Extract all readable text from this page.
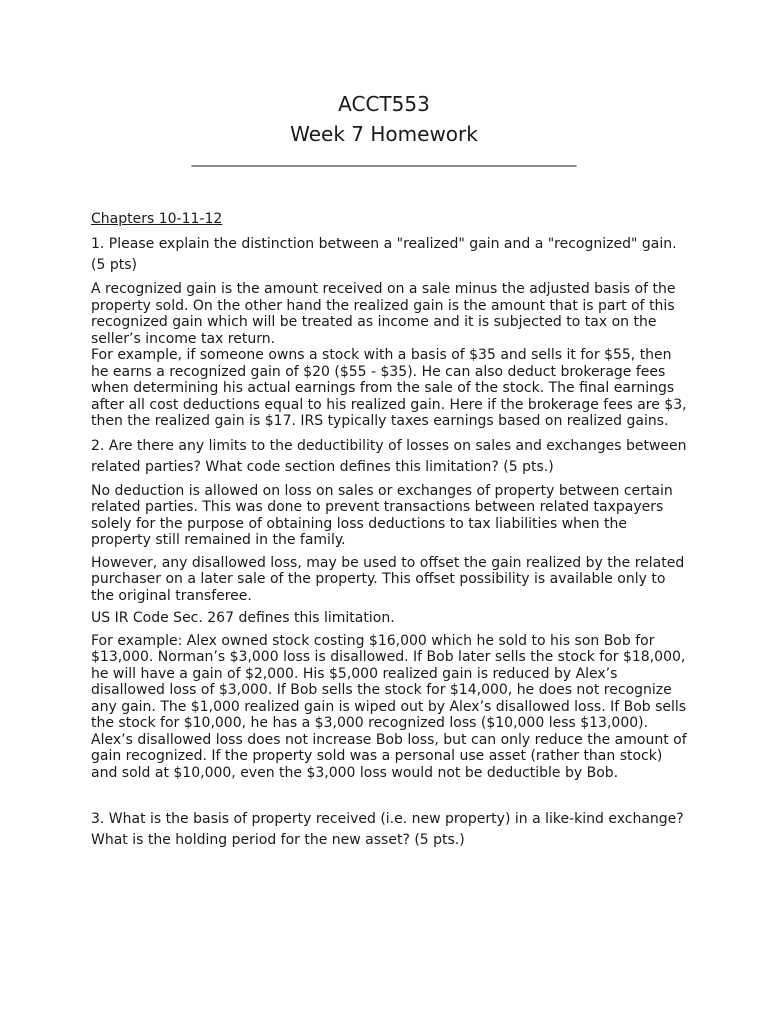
ACCT553
Week 7 Homework
_______________________________________________________
Chapters 10-11-12
1. Please explain the distinction between a "realized" gain and a "recognized" gain. (5 pts)
A recognized gain is the amount received on a sale minus the adjusted basis of the property sold. On the other hand the realized gain is the amount that is part of this recognized gain which will be treated as income and it is subjected to tax on the seller’s income tax return.
For example, if someone owns a stock with a basis of $35 and sells it for $55, then he earns a recognized gain of $20 ($55 - $35). He can also deduct brokerage fees when determining his actual earnings from the sale of the stock. The final earnings after all cost deductions equal to his realized gain. Here if the brokerage fees are $3, then the realized gain is $17. IRS typically taxes earnings based on realized gains.
2. Are there any limits to the deductibility of losses on sales and exchanges between related parties? What code section defines this limitation? (5 pts.)
No deduction is allowed on loss on sales or exchanges of property between certain related parties. This was done to prevent transactions between related taxpayers solely for the purpose of obtaining loss deductions to tax liabilities when the property still remained in the family.
However, any disallowed loss, may be used to offset the gain realized by the related purchaser on a later sale of the property. This offset possibility is available only to the original transferee.
US IR Code Sec. 267 defines this limitation.
For example: Alex owned stock costing $16,000 which he sold to his son Bob for $13,000. Norman’s $3,000 loss is disallowed. If Bob later sells the stock for $18,000, he will have a gain of $2,000. His $5,000 realized gain is reduced by Alex’s disallowed loss of $3,000. If Bob sells the stock for $14,000, he does not recognize any gain. The $1,000 realized gain is wiped out by Alex’s disallowed loss. If Bob sells the stock for $10,000, he has a $3,000 recognized loss ($10,000 less $13,000). Alex’s disallowed loss does not increase Bob loss, but can only reduce the amount of gain recognized. If the property sold was a personal use asset (rather than stock) and sold at $10,000, even the $3,000 loss would not be deductible by Bob.
3. What is the basis of property received (i.e. new property) in a like-kind exchange? What is the holding period for the new asset? (5 pts.)
